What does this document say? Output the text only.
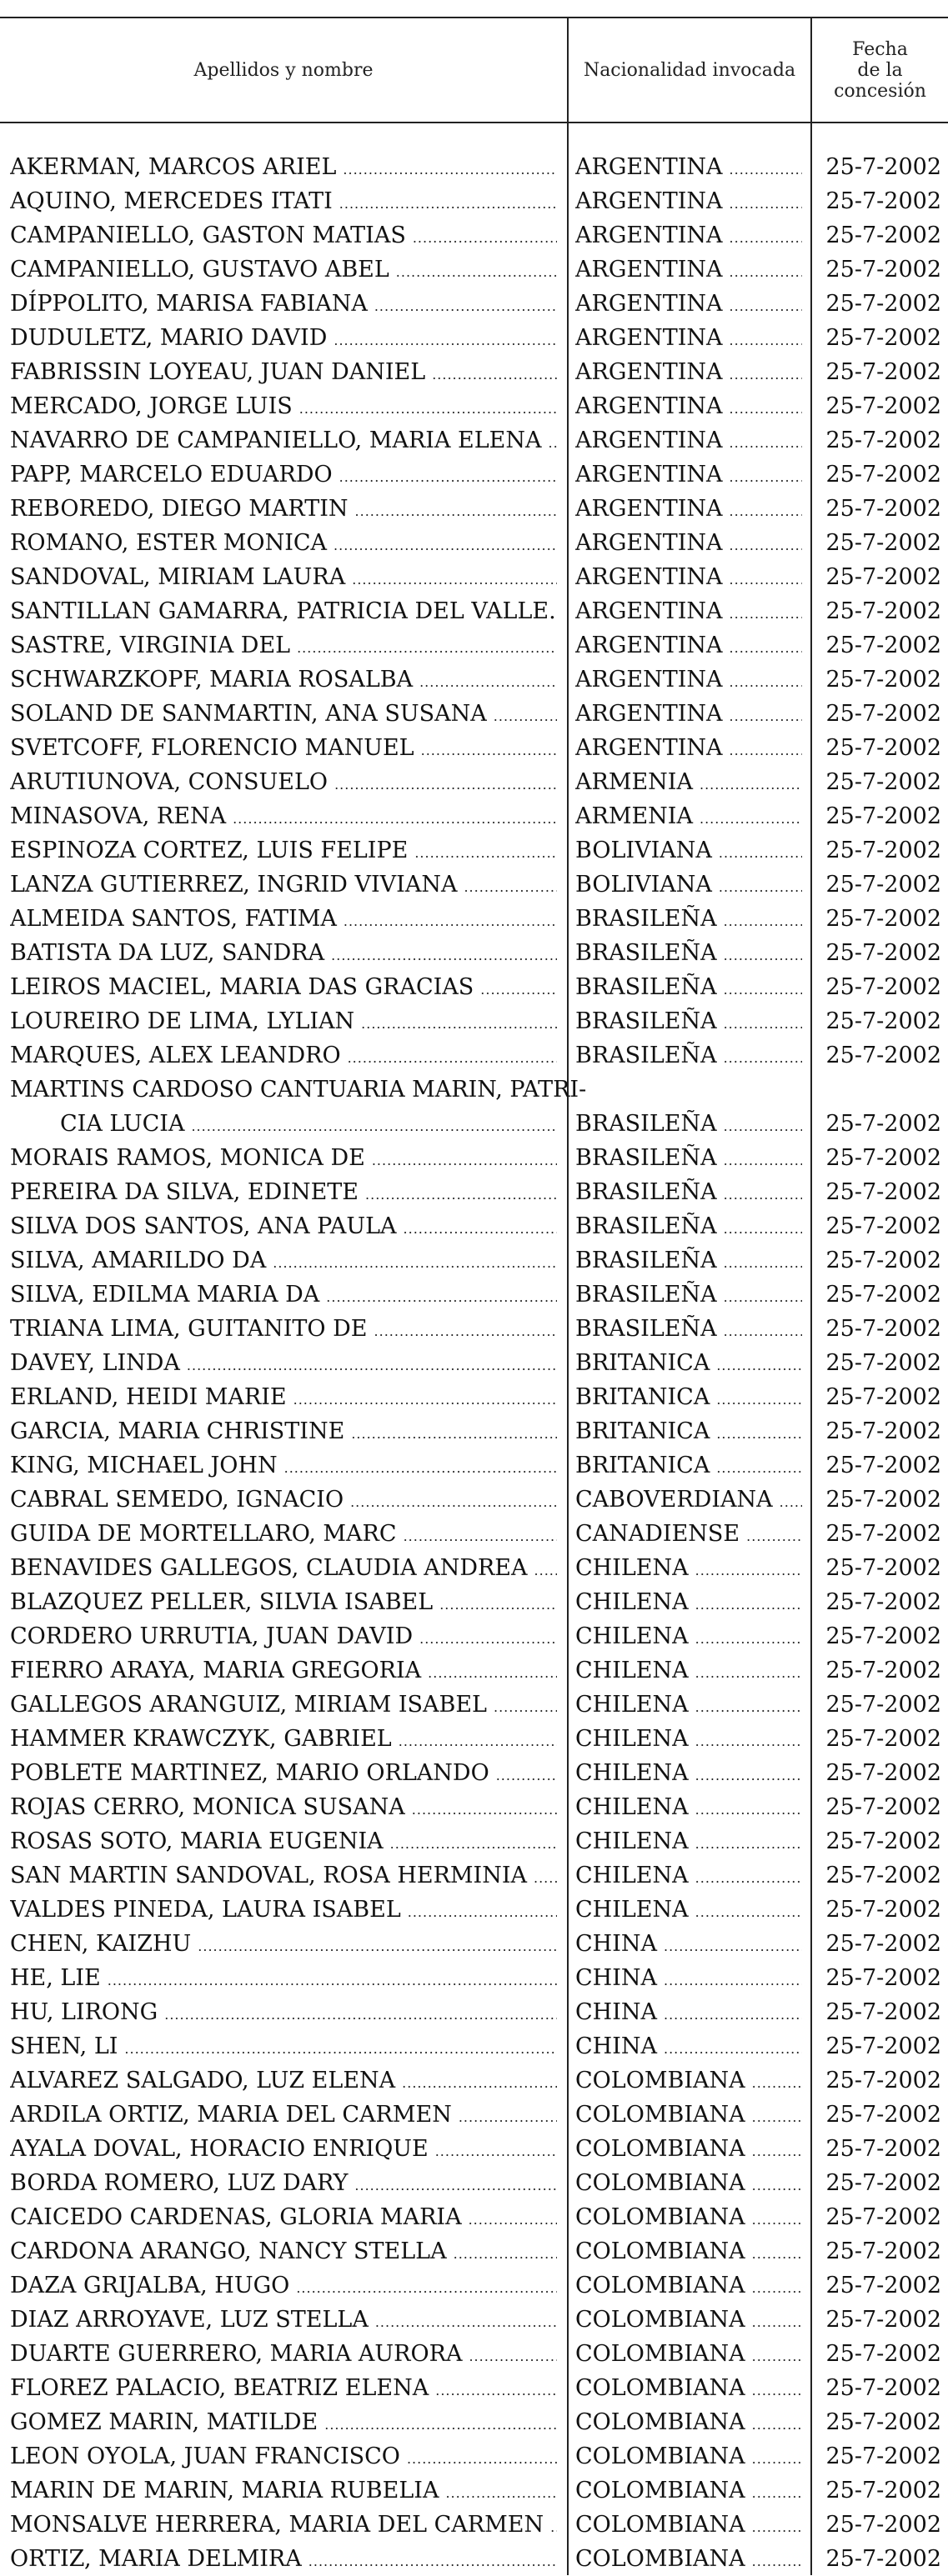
Apellidos y nombre	Nacionalidad invocada
Fecha
de la
concesión
AKERMAN, MARCOS ARIEL .....	ARGENTINA .....	25-7-2002
AQUINO, MERCEDES ITATI .....	ARGENTINA .....	25-7-2002
CAMPANIELLO, GASTON MATIAS .....	ARGENTINA .....	25-7-2002
CAMPANIELLO, GUSTAVO ABEL .....	ARGENTINA .....	25-7-2002
DÍPPOLITO, MARISA FABIANA .....	ARGENTINA .....	25-7-2002
DUDULETZ, MARIO DAVID .....	ARGENTINA .....	25-7-2002
FABRISSIN LOYEAU, JUAN DANIEL .....	ARGENTINA .....	25-7-2002
MERCADO, JORGE LUIS .....	ARGENTINA .....	25-7-2002
NAVARRO DE CAMPANIELLO, MARIA ELENA ..... ARGENTINA .....	25-7-2002
PAPP, MARCELO EDUARDO .....	ARGENTINA .....	25-7-2002
REBOREDO, DIEGO MARTIN .....	ARGENTINA .....	25-7-2002
ROMANO, ESTER MONICA .....	ARGENTINA .....	25-7-2002
SANDOVAL, MIRIAM LAURA .....	ARGENTINA .....	25-7-2002
SANTILLAN GAMARRA, PATRICIA DEL VALLE. ARGENTINA .....	25-7-2002
SASTRE, VIRGINIA DEL .....	ARGENTINA .....	25-7-2002
SCHWARZKOPF, MARIA ROSALBA .....	ARGENTINA .....	25-7-2002
SOLAND DE SANMARTIN, ANA SUSANA .....	ARGENTINA .....	25-7-2002
SVETCOFF, FLORENCIO MANUEL .....	ARGENTINA .....	25-7-2002
ARUTIUNOVA, CONSUELO .....	ARMENIA .....	25-7-2002
MINASOVA, RENA .....	ARMENIA .....	25-7-2002
ESPINOZA CORTEZ, LUIS FELIPE .....	BOLIVIANA .....	25-7-2002
LANZA GUTIERREZ, INGRID VIVIANA .....	BOLIVIANA .....	25-7-2002
ALMEIDA SANTOS, FATIMA .....	BRASILEÑA .....	25-7-2002
BATISTA DA LUZ, SANDRA .....	BRASILEÑA .....	25-7-2002
LEIROS MACIEL, MARIA DAS GRACIAS .....	BRASILEÑA .....	25-7-2002
LOUREIRO DE LIMA, LYLIAN .....	BRASILEÑA .....	25-7-2002
MARQUES, ALEX LEANDRO .....	BRASILEÑA .....	25-7-2002
MARTINS CARDOSO CANTUARIA MARIN, PATRI-
CIA LUCIA .....	BRASILEÑA .....	25-7-2002
MORAIS RAMOS, MONICA DE .....	BRASILEÑA .....	25-7-2002
PEREIRA DA SILVA, EDINETE .....	BRASILEÑA .....	25-7-2002
SILVA DOS SANTOS, ANA PAULA .....	BRASILEÑA .....	25-7-2002
SILVA, AMARILDO DA .....	BRASILEÑA .....	25-7-2002
SILVA, EDILMA MARIA DA .....	BRASILEÑA .....	25-7-2002
TRIANA LIMA, GUITANITO DE .....	BRASILEÑA .....	25-7-2002
DAVEY, LINDA .....	BRITANICA .....	25-7-2002
ERLAND, HEIDI MARIE .....	BRITANICA .....	25-7-2002
GARCIA, MARIA CHRISTINE .....	BRITANICA .....	25-7-2002
KING, MICHAEL JOHN .....	BRITANICA .....	25-7-2002
CABRAL SEMEDO, IGNACIO .....	CABOVERDIANA .....	25-7-2002
GUIDA DE MORTELLARO, MARC .....	CANADIENSE .....	25-7-2002
BENAVIDES GALLEGOS, CLAUDIA ANDREA ..... CHILENA .....	25-7-2002
BLAZQUEZ PELLER, SILVIA ISABEL .....	CHILENA .....	25-7-2002
CORDERO URRUTIA, JUAN DAVID .....	CHILENA .....	25-7-2002
FIERRO ARAYA, MARIA GREGORIA .....	CHILENA .....	25-7-2002
GALLEGOS ARANGUIZ, MIRIAM ISABEL .....	CHILENA .....	25-7-2002
HAMMER KRAWCZYK, GABRIEL .....	CHILENA .....	25-7-2002
POBLETE MARTINEZ, MARIO ORLANDO .....	CHILENA .....	25-7-2002
ROJAS CERRO, MONICA SUSANA .....	CHILENA .....	25-7-2002
ROSAS SOTO, MARIA EUGENIA .....	CHILENA .....	25-7-2002
SAN MARTIN SANDOVAL, ROSA HERMINIA ..... CHILENA .....	25-7-2002
VALDES PINEDA, LAURA ISABEL .....	CHILENA .....	25-7-2002
CHEN, KAIZHU .....	CHINA .....	25-7-2002
HE, LIE .....	CHINA .....	25-7-2002
HU, LIRONG .....	CHINA .....	25-7-2002
SHEN, LI .....	CHINA .....	25-7-2002
ALVAREZ SALGADO, LUZ ELENA .....	COLOMBIANA .....	25-7-2002
ARDILA ORTIZ, MARIA DEL CARMEN .....	COLOMBIANA .....	25-7-2002
AYALA DOVAL, HORACIO ENRIQUE .....	COLOMBIANA .....	25-7-2002
BORDA ROMERO, LUZ DARY .....	COLOMBIANA .....	25-7-2002
CAICEDO CARDENAS, GLORIA MARIA .....	COLOMBIANA .....	25-7-2002
CARDONA ARANGO, NANCY STELLA .....	COLOMBIANA .....	25-7-2002
DAZA GRIJALBA, HUGO .....	COLOMBIANA .....	25-7-2002
DIAZ ARROYAVE, LUZ STELLA .....	COLOMBIANA .....	25-7-2002
DUARTE GUERRERO, MARIA AURORA .....	COLOMBIANA .....	25-7-2002
FLOREZ PALACIO, BEATRIZ ELENA .....	COLOMBIANA .....	25-7-2002
GOMEZ MARIN, MATILDE .....	COLOMBIANA .....	25-7-2002
LEON OYOLA, JUAN FRANCISCO .....	COLOMBIANA .....	25-7-2002
MARIN DE MARIN, MARIA RUBELIA .....	COLOMBIANA .....	25-7-2002
MONSALVE HERRERA, MARIA DEL CARMEN ..... COLOMBIANA .....	25-7-2002
ORTIZ, MARIA DELMIRA .....	COLOMBIANA .....	25-7-2002
